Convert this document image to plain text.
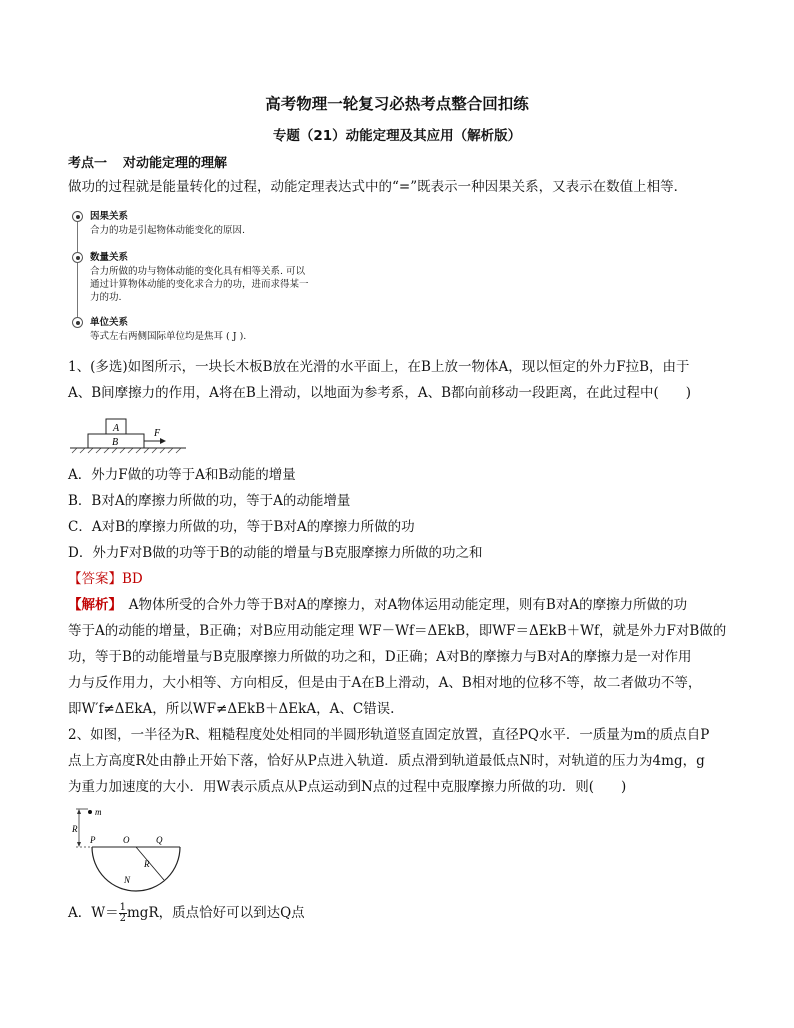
高考物理一轮复习必热考点整合回扣练
专题（21）动能定理及其应用（解析版）
考点一 对动能定理的理解
做功的过程就是能量转化的过程，动能定理表达式中的“=”既表示一种因果关系，又表示在数值上相等．
因果关系
合力的功是引起物体动能变化的原因.
数量关系
合力所做的功与物体动能的变化具有相等关系. 可以
通过计算物体动能的变化求合力的功，进而求得某一
力的功.
单位关系
等式左右两侧国际单位均是焦耳 ( J ).
1、(多选)如图所示，一块长木板B放在光滑的水平面上，在B上放一物体A，现以恒定的外力F拉B，由于
A、B间摩擦力的作用，A将在B上滑动，以地面为参考系，A、B都向前移动一段距离，在此过程中(　　)
A
B
F
A．外力F做的功等于A和B动能的增量
B．B对A的摩擦力所做的功，等于A的动能增量
C．A对B的摩擦力所做的功，等于B对A的摩擦力所做的功
D．外力F对B做的功等于B的动能的增量与B克服摩擦力所做的功之和
【答案】BD
【解析】　A物体所受的合外力等于B对A的摩擦力，对A物体运用动能定理，则有B对A的摩擦力所做的功
等于A的动能的增量，B正确；对B应用动能定理 WF－Wf＝ΔEkB，即WF＝ΔEkB＋Wf，就是外力F对B做的
功，等于B的动能增量与B克服摩擦力所做的功之和，D正确；A对B的摩擦力与B对A的摩擦力是一对作用
力与反作用力，大小相等、方向相反，但是由于A在B上滑动，A、B相对地的位移不等，故二者做功不等，
即W′f≠ΔEkA，所以WF≠ΔEkB＋ΔEkA，A、C错误.
2、如图，一半径为R、粗糙程度处处相同的半圆形轨道竖直固定放置，直径PQ水平．一质量为m的质点自P
点上方高度R处由静止开始下落，恰好从P点进入轨道．质点滑到轨道最低点N时，对轨道的压力为4mg，g
为重力加速度的大小．用W表示质点从P点运动到N点的过程中克服摩擦力所做的功．则(　　)
m
R
P	O	Q
R
N
A．$W= \frac{1}{2}$ mgR，质点恰好可以到达Q点
